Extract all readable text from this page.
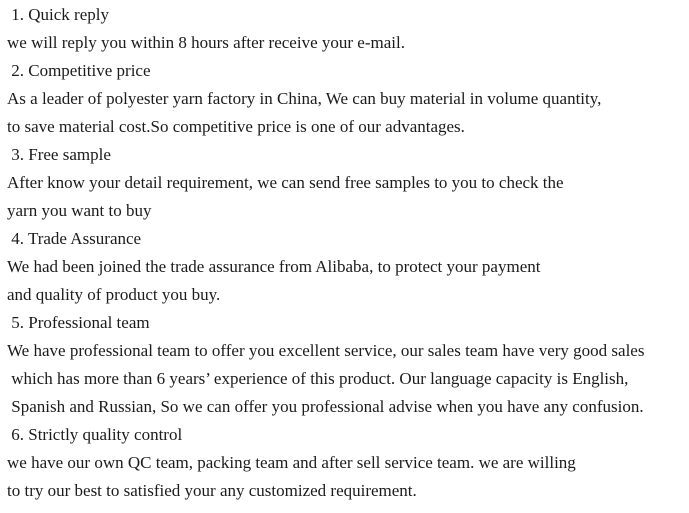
1. Quick reply
we will reply you within 8 hours after receive your e-mail.
2. Competitive price
As a leader of polyester yarn factory in China, We can buy material in volume quantity,
to save material cost.So competitive price is one of our advantages.
3. Free sample
After know your detail requirement, we can send free samples to you to check the
yarn you want to buy
4. Trade Assurance
We had been joined the trade assurance from Alibaba, to protect your payment
and quality of product you buy.
5. Professional team
We have professional team to offer you excellent service, our sales team have very good sales
which has more than 6 years’ experience of this product. Our language capacity is English,
Spanish and Russian, So we can offer you professional advise when you have any confusion.
6. Strictly quality control
we have our own QC team, packing team and after sell service team. we are willing
to try our best to satisfied your any customized requirement.
